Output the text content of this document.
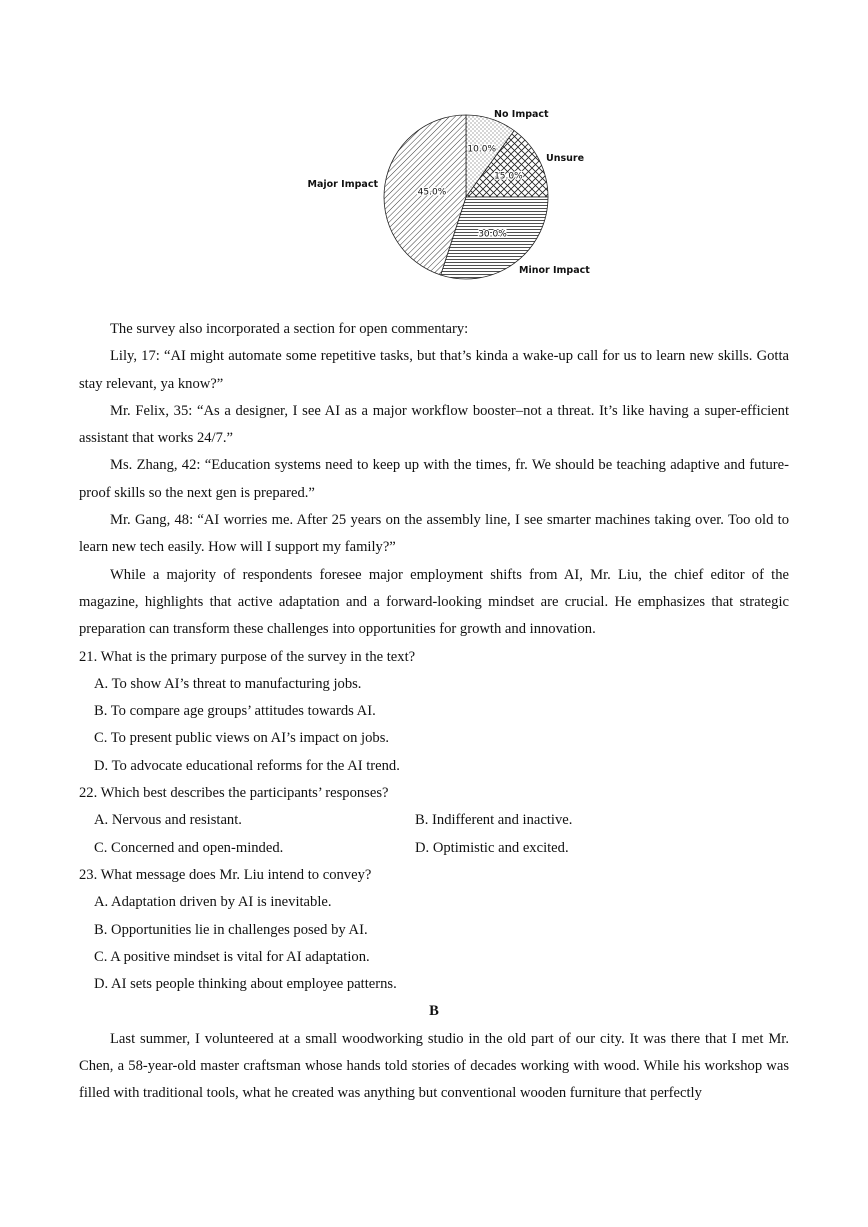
10.0%
No Impact
15.0%
Unsure
30.0%
Minor Impact
45.0%
Major Impact

The survey also incorporated a section for open commentary:

Lily, 17: “AI might automate some repetitive tasks, but that’s kinda a wake-up call for us to learn new skills. Gotta stay relevant, ya know?”

Mr. Felix, 35: “As a designer, I see AI as a major workflow booster–not a threat. It’s like having a super-efficient assistant that works 24/7.”

Ms. Zhang, 42: “Education systems need to keep up with the times, fr. We should be teaching adaptive and future-proof skills so the next gen is prepared.”

Mr. Gang, 48: “AI worries me. After 25 years on the assembly line, I see smarter machines taking over. Too old to learn new tech easily. How will I support my family?”

While a majority of respondents foresee major employment shifts from AI, Mr. Liu, the chief editor of the magazine, highlights that active adaptation and a forward-looking mindset are crucial. He emphasizes that strategic preparation can transform these challenges into opportunities for growth and innovation.

21. What is the primary purpose of the survey in the text?

A. To show AI’s threat to manufacturing jobs.

B. To compare age groups’ attitudes towards AI.

C. To present public views on AI’s impact on jobs.

D. To advocate educational reforms for the AI trend.

22. Which best describes the participants’ responses?

A. Nervous and resistant.	B. Indifferent and inactive.
C. Concerned and open-minded.	D. Optimistic and excited.

23. What message does Mr. Liu intend to convey?

A. Adaptation driven by AI is inevitable.

B. Opportunities lie in challenges posed by AI.

C. A positive mindset is vital for AI adaptation.

D. AI sets people thinking about employee patterns.

B

Last summer, I volunteered at a small woodworking studio in the old part of our city. It was there that I met Mr. Chen, a 58-year-old master craftsman whose hands told stories of decades working with wood. While his workshop was filled with traditional tools, what he created was anything but conventional wooden furniture that perfectly
